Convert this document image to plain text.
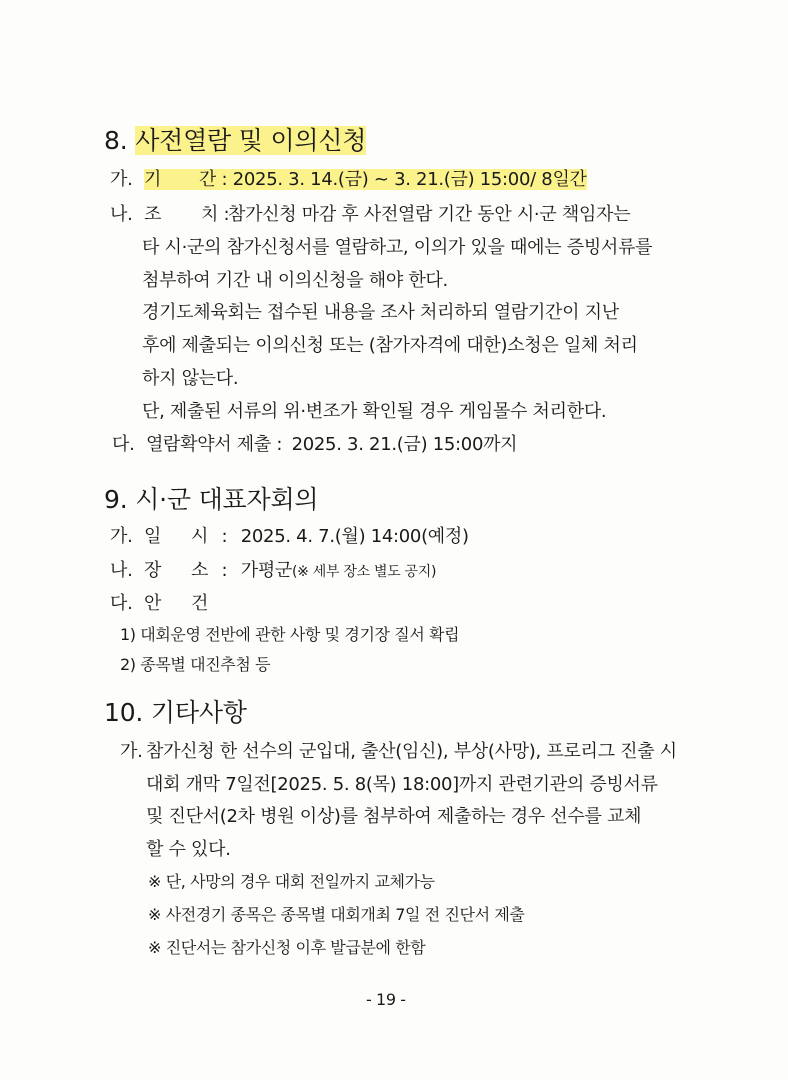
8. 사전열람 및 이의신청
가. 기 간 : 2025. 3. 14.(금) ~ 3. 21.(금) 15:00/ 8일간
나. 조 치 :
참가신청 마감 후 사전열람 기간 동안 시·군 책임자는
타 시·군의 참가신청서를 열람하고, 이의가 있을 때에는 증빙서류를
첨부하여 기간 내 이의신청을 해야 한다.
경기도체육회는 접수된 내용을 조사 처리하되 열람기간이 지난
후에 제출되는 이의신청 또는 (참가자격에 대한)소청은 일체 처리
하지 않는다.
단, 제출된 서류의 위·변조가 확인될 경우 게임몰수 처리한다.
다. 열람확약서 제출 : 2025. 3. 21.(금) 15:00까지
9. 시·군 대표자회의
가. 일 시 : 2025. 4. 7.(월) 14:00(예정)
나. 장 소 : 가평군(※ 세부 장소 별도 공지)
다. 안 건
1) 대회운영 전반에 관한 사항 및 경기장 질서 확립
2) 종목별 대진추첨 등
10. 기타사항
가. 참가신청 한 선수의 군입대, 출산(임신), 부상(사망), 프로리그 진출 시
대회 개막 7일전[2025. 5. 8(목) 18:00]까지 관련기관의 증빙서류
및 진단서(2차 병원 이상)를 첨부하여 제출하는 경우 선수를 교체
할 수 있다.
※ 단, 사망의 경우 대회 전일까지 교체가능
※ 사전경기 종목은 종목별 대회개최 7일 전 진단서 제출
※ 진단서는 참가신청 이후 발급분에 한함
- 19 -
